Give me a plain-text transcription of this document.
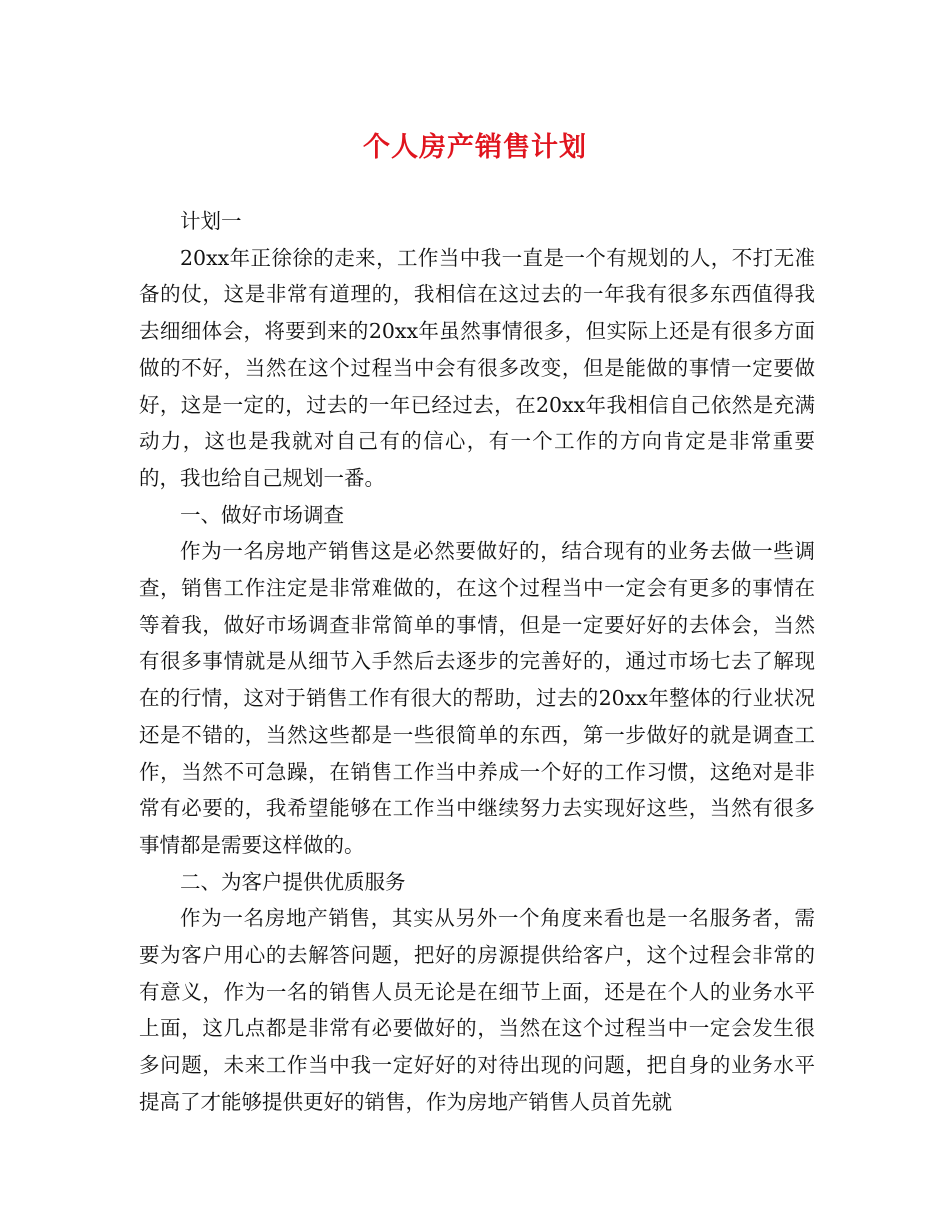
个人房产销售计划

计划一

20xx年正徐徐的走来，工作当中我一直是一个有规划的人，不打无准备的仗，这是非常有道理的，我相信在这过去的一年我有很多东西值得我去细细体会，将要到来的20xx年虽然事情很多，但实际上还是有很多方面做的不好，当然在这个过程当中会有很多改变，但是能做的事情一定要做好，这是一定的，过去的一年已经过去，在20xx年我相信自己依然是充满动力，这也是我就对自己有的信心，有一个工作的方向肯定是非常重要的，我也给自己规划一番。

一、做好市场调查

作为一名房地产销售这是必然要做好的，结合现有的业务去做一些调查，销售工作注定是非常难做的，在这个过程当中一定会有更多的事情在等着我，做好市场调查非常简单的事情，但是一定要好好的去体会，当然有很多事情就是从细节入手然后去逐步的完善好的，通过市场七去了解现在的行情，这对于销售工作有很大的帮助，过去的20xx年整体的行业状况还是不错的，当然这些都是一些很简单的东西，第一步做好的就是调查工作，当然不可急躁，在销售工作当中养成一个好的工作习惯，这绝对是非常有必要的，我希望能够在工作当中继续努力去实现好这些，当然有很多事情都是需要这样做的。

二、为客户提供优质服务

作为一名房地产销售，其实从另外一个角度来看也是一名服务者，需要为客户用心的去解答问题，把好的房源提供给客户，这个过程会非常的有意义，作为一名的销售人员无论是在细节上面，还是在个人的业务水平上面，这几点都是非常有必要做好的，当然在这个过程当中一定会发生很多问题，未来工作当中我一定好好的对待出现的问题，把自身的业务水平提高了才能够提供更好的销售，作为房地产销售人员首先就
